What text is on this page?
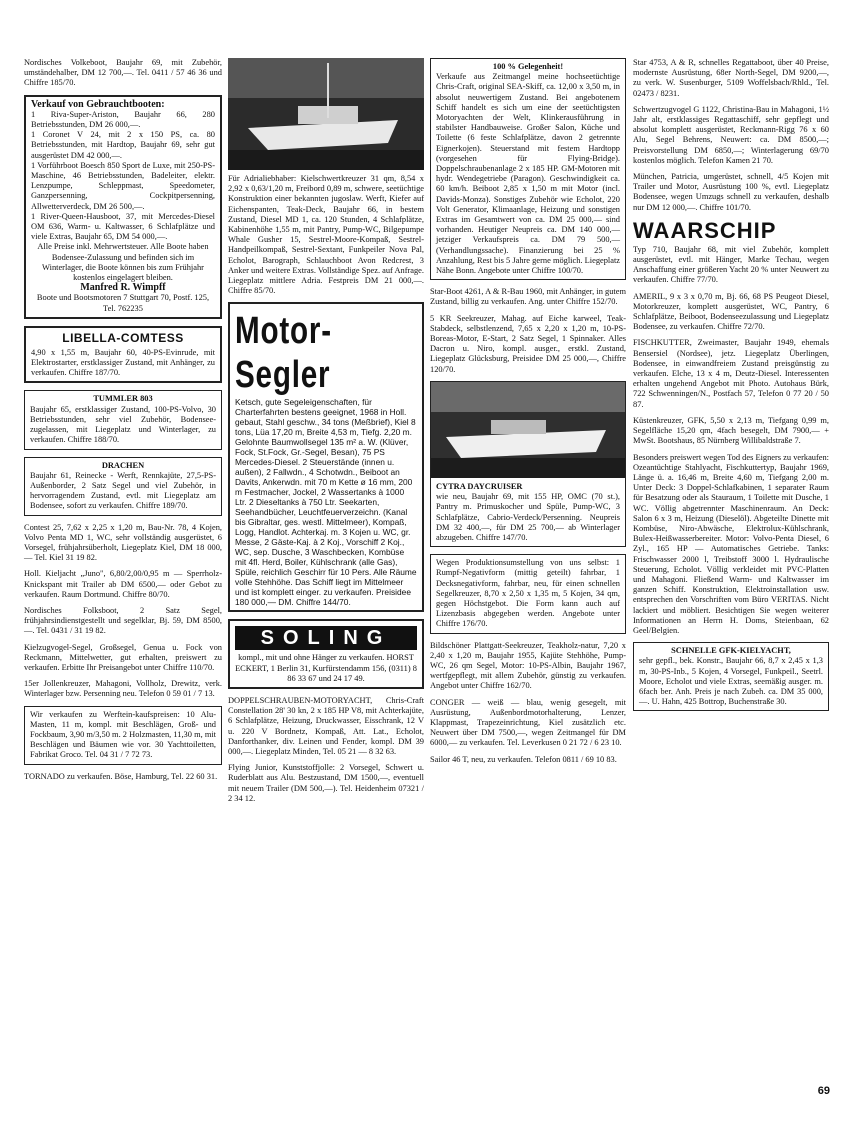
Nordisches Volkeboot, Baujahr 69, mit Zubehör, umständehalber, DM 12 700,—. Tel. 0411 / 57 46 36 und Chiffre 185/70.

Verkauf von Gebrauchtbooten:
1 Riva-Super-Ariston, Baujahr 66, 280 Betriebsstunden, DM 26 000,—.
1 Coronet V 24, mit 2 x 150 PS, ca. 80 Betriebsstunden, mit Hardtop, Baujahr 69, sehr gut ausgerüstet DM 42 000,—.
1 Vorführboot Boesch 850 Sport de Luxe, mit 250-PS-Maschine, 46 Betriebsstunden, Badeleiter, elektr. Lenzpumpe, Schleppmast, Speedometer, Ganzpersenning, Cockpitpersenning, Allwetterverdeck, DM 26 500,—.
1 River-Queen-Hausboot, 37, mit Mercedes-Diesel OM 636, Warm- u. Kaltwasser, 6 Schlafplätze und viele Extras, Baujahr 65, DM 54 000,—.
Alle Preise inkl. Mehrwertsteuer. Alle Boote haben Bodensee-Zulassung und befinden sich im Winterlager, die Boote können bis zum Frühjahr kostenlos eingelagert bleiben.
Manfred R. Wimpff
Boote und Bootsmotoren 7 Stuttgart 70, Postf. 125, Tel. 762235
LIBELLA-COMTESS
4,90 x 1,55 m, Baujahr 60, 40-PS-Evinrude, mit Elektrostarter, erstklassiger Zustand, mit Anhänger, zu verkaufen. Chiffre 187/70.
TUMMLER 803
Baujahr 65, erstklassiger Zustand, 100-PS-Volvo, 30 Betriebsstunden, sehr viel Zubehör, Bodensee-zugelassen, mit Liegeplatz und Winterlager, zu verkaufen. Chiffre 188/70.
DRACHEN
Baujahr 61, Reinecke - Werft, Rennkajüte, 27,5-PS-Außenborder, 2 Satz Segel und viel Zubehör, in hervorragendem Zustand, evtl. mit Liegeplatz am Bodensee, sofort zu verkaufen. Chiffre 189/70.

Contest 25, 7,62 x 2,25 x 1,20 m, Bau-Nr. 78, 4 Kojen, Volvo Penta MD 1, WC, sehr vollständig ausgerüstet, 6 Vorsegel, frühjahrsüberholt, Liegeplatz Kiel, DM 18 000,— Tel. Kiel 31 19 82.

Holl. Kieljacht „Juno", 6,80/2,00/0,95 m — Sperrholz-Knickspant mit Trailer ab DM 6500,— oder Gebot zu verkaufen. Raum Dortmund. Chiffre 80/70.

Nordisches Folksboot, 2 Satz Segel, frühjahrsindienstgestellt und segelklar, Bj. 59, DM 8500,—. Tel. 0431 / 31 19 82.

Kielzugvogel-Segel, Großsegel, Genua u. Fock von Reckmann, Mittelwetter, gut erhalten, preiswert zu verkaufen. Erbitte Ihr Preisangebot unter Chiffre 110/70.

15er Jollenkreuzer, Mahagoni, Vollholz, Drewitz, verk. Winterlager bzw. Persenning neu. Telefon 0 59 01 / 7 13.

Wir verkaufen zu Werftein-kaufspreisen: 10 Alu-Masten, 11 m, kompl. mit Beschlägen, Groß- und Fockbaum, 3,90 m/3,50 m. 2 Holzmasten, 11,30 m, mit Beschlägen und Bäumen wie vor. 30 Yachttoiletten, Fabrikat Groco. Tel. 04 31 / 7 72 73.

TORNADO zu verkaufen. Böse, Hamburg, Tel. 22 60 31.

Für Adrialiebhaber: Kielschwertkreuzer 31 qm, 8,54 x 2,92 x 0,63/1,20 m, Freibord 0,89 m, schwere, seetüchtige Konstruktion einer bekannten jugoslaw. Werft, Kiefer auf Eichenspanten, Teak-Deck, Baujahr 66, in bestem Zustand, Diesel MD 1, ca. 120 Stunden, 4 Schlafplätze, Kabinenhöhe 1,55 m, mit Pantry, Pump-WC, Bilgepumpe Whale Gusher 15, Sestrel-Moore-Kompaß, Sestrel-Handpeilkompaß, Sestrel-Sextant, Funkpeiler Nova Pal, Echolot, Barograph, Schlauchboot Avon Redcrest, 3 Anker und weitere Extras. Vollständige Spez. auf Anfrage. Liegeplatz mittlere Adria. Festpreis DM 21 000,—. Chiffre 85/70.

Motor-
Segler
Ketsch, gute Segeleigenschaften, für Charterfahrten bestens geeignet, 1968 in Holl. gebaut, Stahl geschw., 34 tons (Meßbrief), Kiel 8 tons, Lüa 17,20 m, Breite 4,53 m, Tiefg. 2,20 m. Gelohnte Baumwollsegel 135 m² a. W. (Klüver, Fock, St.Fock, Gr.-Segel, Besan), 75 PS Mercedes-Diesel. 2 Steuerstände (innen u. außen), 2 Fallwdn., 4 Schotwdn., Beiboot an Davits, Ankerwdn. mit 70 m Kette ø 16 mm, 200 m Festmacher, Jockel, 2 Wassertanks à 1000 Ltr. 2 Dieseltanks à 750 Ltr. Seekarten, Seehandbücher, Leuchtfeuerverzeichn. (Kanal bis Gibraltar, ges. westl. Mittelmeer), Kompaß, Logg, Handlot. Achterkaj. m. 3 Kojen u. WC, gr. Messe, 2 Gäste-Kaj. à 2 Koj., Vorschiff 2 Koj., WC, sep. Dusche, 3 Waschbecken, Kombüse mit 4fl. Herd, Boiler, Kühlschrank (alle Gas), Spüle, reichlich Geschirr für 10 Pers. Alle Räume volle Stehhöhe. Das Schiff liegt im Mittelmeer und ist komplett einger. zu verkaufen. Preisidee 180 000,— DM. Chiffre 144/70.
SOLING
kompl., mit und ohne Hänger zu verkaufen. HORST ECKERT, 1 Berlin 31, Kurfürstendamm 156, (0311) 8 86 33 67 und 24 17 49.

DOPPELSCHRAUBEN-MOTORYACHT, Chris-Craft Constellation 28' 30 kn, 2 x 185 HP V8, mit Achterkajüte, 6 Schlafplätze, Heizung, Druckwasser, Eisschrank, 12 V u. 220 V Bordnetz, Kompaß, Att. Lat., Echolot, Danforthanker, div. Leinen und Fender, kompl. DM 39 000,—. Liegeplatz Minden, Tel. 05 21 — 8 32 63.

Flying Junior, Kunststoffjolle: 2 Vorsegel, Schwert u. Ruderblatt aus Alu. Bestzustand, DM 1500,—, eventuell mit neuem Trailer (DM 500,—). Tel. Heidenheim 07321 / 2 34 12.

100 % Gelegenheit!
Verkaufe aus Zeitmangel meine hochseetüchtige Chris-Craft, original SEA-Skiff, ca. 12,00 x 3,50 m, in absolut neuwertigem Zustand. Bei angebotenem Schiff handelt es sich um eine der seetüchtigsten Motoryachten der Welt, Klinkerausführung in stabilster Handbauweise. Großer Salon, Küche und Toilette (6 feste Schlafplätze, davon 2 getrennte Eignerkojen). Steuerstand mit festem Hardtopp (vorgesehen für Flying-Bridge). Doppelschraubenanlage 2 x 185 HP. GM-Motoren mit hydr. Wendegetriebe (Paragon). Geschwindigkeit ca. 60 km/h. Beiboot 2,85 x 1,50 m mit Motor (incl. Davids-Monza). Sonstiges Zubehör wie Echolot, 220 Volt Generator, Klimaanlage, Heizung und sonstigen Extras im Gesamtwert von ca. DM 25 000,— sind vorhanden. Heutiger Neupreis ca. DM 140 000,— jetziger Verkaufspreis ca. DM 79 500,— (Verhandlungssache). Finanzierung bei 25 % Anzahlung, Rest bis 5 Jahre gerne möglich. Liegeplatz Nähe Bonn. Angebote unter Chiffre 100/70.

Star-Boot 4261, A & R-Bau 1960, mit Anhänger, in gutem Zustand, billig zu verkaufen. Ang. unter Chiffre 152/70.

5 KR Seekreuzer, Mahag. auf Eiche karweel, Teak-Stabdeck, selbstlenzend, 7,65 x 2,20 x 1,20 m, 10-PS-Boreas-Motor, E-Start, 2 Satz Segel, 1 Spinnaker. Alles Dacron u. Niro, kompl. ausger., erstkl. Zustand, Liegeplatz Glücksburg, Preisidee DM 25 000,—, Chiffre 120/70.

CYTRA DAYCRUISER
wie neu, Baujahr 69, mit 155 HP, OMC (70 st.), Pantry m. Primuskocher und Spüle, Pump-WC, 3 Schlafplätze, Cabrio-Verdeck/Persenning. Neupreis DM 32 400,—, für DM 25 700,— ab Winterlager abzugeben. Chiffre 147/70.
Wegen Produktionsumstellung von uns selbst: 1 Rumpf-Negativform (mittig geteilt) fahrbar, 1 Decksnegativform, fahrbar, neu, für einen schnellen Segelkreuzer, 8,70 x 2,50 x 1,35 m, 5 Kojen, 34 qm, gegen Höchstgebot. Die Form kann auch auf Lizenzbasis abgegeben werden. Angebote unter Chiffre 176/70.

Bildschöner Plattgatt-Seekreuzer, Teakholz-natur, 7,20 x 2,40 x 1,20 m, Baujahr 1955, Kajüte Stehhöhe, Pump-WC, 26 qm Segel, Motor: 10-PS-Albin, Baujahr 1967, wertfgepflegt, mit allem Zubehör, günstig zu verkaufen. Angebot unter Chiffre 162/70.

CONGER — weiß — blau, wenig gesegelt, mit Ausrüstung, Außenbordmotorhalterung, Lenzer, Klappmast, Trapezeinrichtung, Kiel zusätzlich etc. Neuwert über DM 7500,—, wegen Zeitmangel für DM 6000,— zu verkaufen. Tel. Leverkusen 0 21 72 / 6 23 10.

Sailor 46 T, neu, zu verkaufen. Telefon 0811 / 69 10 83.

Star 4753, A & R, schnelles Regattaboot, über 40 Preise, modernste Ausrüstung, 68er North-Segel, DM 9200,—, zu verk. W. Susenburger, 5109 Woffelsbach/Rhld., Tel. 02473 / 8231.

Schwertzugvogel G 1122, Christina-Bau in Mahagoni, 1½ Jahr alt, erstklassiges Regattaschiff, sehr gepflegt und absolut komplett ausgerüstet, Reckmann-Rigg 76 x 60 Alu, Segel Behrens, Neuwert: ca. DM 8500,—; Preisvorstellung DM 6850,—; Winterlagerung 69/70 kostenlos möglich. Telefon Kamen 21 70.

München, Patricia, umgerüstet, schnell, 4/5 Kojen mit Trailer und Motor, Ausrüstung 100 %, evtl. Liegeplatz Bodensee, wegen Umzugs schnell zu verkaufen, deshalb nur DM 12 000,—. Chiffre 101/70.

WAARSCHIP

Typ 710, Baujahr 68, mit viel Zubehör, komplett ausgerüstet, evtl. mit Hänger, Marke Techau, wegen Anschaffung einer größeren Yacht 20 % unter Neuwert zu verkaufen. Chiffre 77/70.

AMERIL, 9 x 3 x 0,70 m, Bj. 66, 68 PS Peugeot Diesel, Motorkreuzer, komplett ausgerüstet, WC, Pantry, 6 Schlafplätze, Beiboot, Bodenseezulassung und Liegeplatz Bodensee, zu verkaufen. Chiffre 72/70.

FISCHKUTTER, Zweimaster, Baujahr 1949, ehemals Bensersiel (Nordsee), jetz. Liegeplatz Überlingen, Bodensee, in einwandfreiem Zustand preisgünstig zu verkaufen. Elche, 13 x 4 m, Deutz-Diesel. Interessenten erhalten ungehend Angebot mit Photo. Autohaus Bürk, 722 Schwenningen/N., Postfach 57, Telefon 0 77 20 / 50 87.

Küstenkreuzer, GFK, 5,50 x 2,13 m, Tiefgang 0,99 m, Segelfläche 15,20 qm, 4fach besegelt, DM 7900,— + MwSt. Bootshaus, 85 Nürnberg Willibaldstraße 7.

Besonders preiswert wegen Tod des Eigners zu verkaufen: Ozeantüchtige Stahlyacht, Fischkuttertyp, Baujahr 1969, Länge ü. a. 16,46 m, Breite 4,60 m, Tiefgang 2,00 m. Unter Deck: 3 Doppel-Schlafkabinen, 1 separater Raum für Besatzung oder als Stauraum, 1 Toilette mit Dusche, 1 WC. Völlig abgetrennter Maschinenraum. An Deck: Salon 6 x 3 m, Heizung (Dieselöl). Abgeteilte Dinette mit Kombüse, Niro-Abwäsche, Elektrolux-Kühlschrank, Bulex-Heißwasserbereiter. Motor: Volvo-Penta Diesel, 6 Zyl., 165 HP — Automatisches Getriebe. Tanks: Frischwasser 2000 l, Treibstoff 3000 l. Hydraulische Steuerung, Echolot. Völlig verkleidet mit PVC-Platten und Mahagoni. Fließend Warm- und Kaltwasser im ganzen Schiff. Konstruktion, Elektroinstallation usw. entsprechen den Vorschriften vom Büro VERITAS. Nicht lackiert und möbliert. Besichtigen Sie wegen weiterer Informationen an Herrn H. Doms, Steienbaan, 62 Geel/Belgien.

SCHNELLE GFK-KIELYACHT,
sehr gepfl., bek. Konstr., Baujahr 66, 8,7 x 2,45 x 1,3 m, 30-PS-Inb., 5 Kojen, 4 Vorsegel, Funkpeil., Seetrl. Moore, Echolot und viele Extras, seemäßig ausger. m. 6fach ber. Anh. Preis je nach Zubeh. ca. DM 35 000,—. U. Hahn, 425 Bottrop, Buchenstraße 30.
69
